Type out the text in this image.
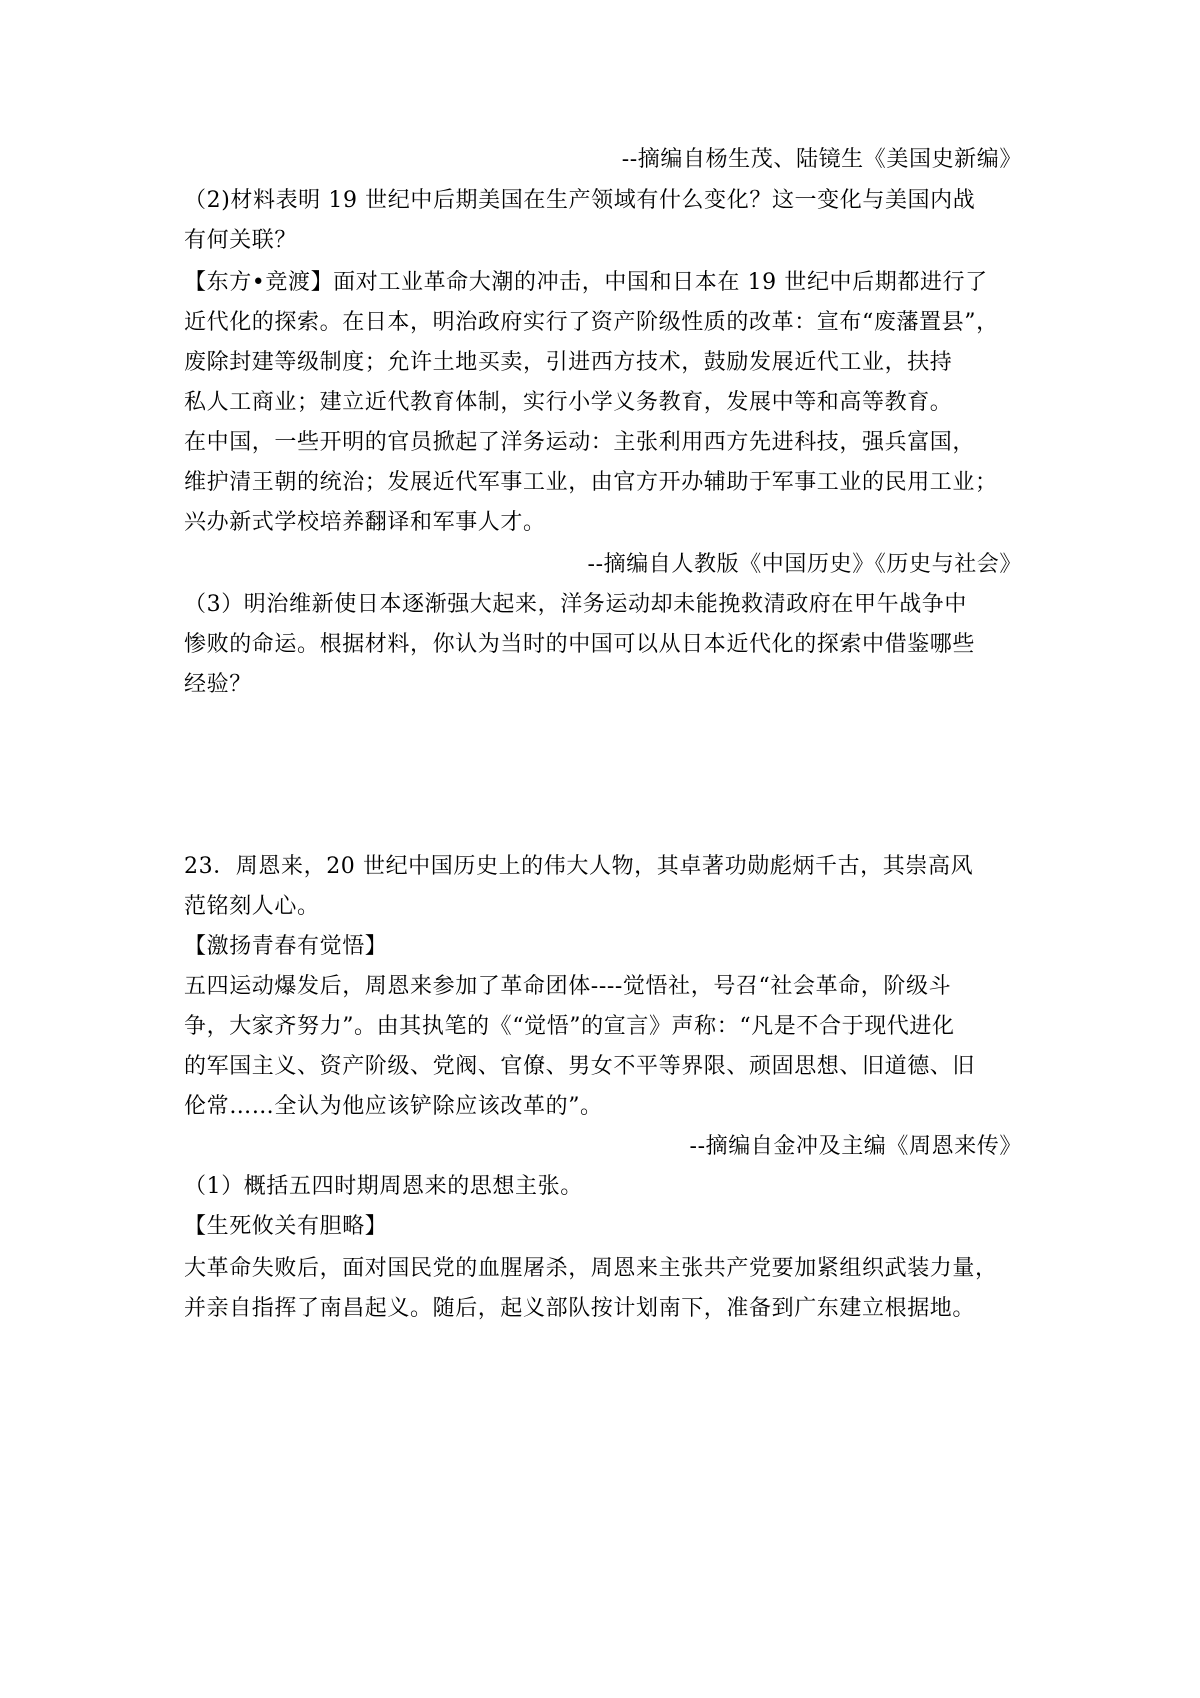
--摘编自杨生茂、陆镜生《美国史新编》
（2)材料表明 19 世纪中后期美国在生产领域有什么变化？这一变化与美国内战
有何关联？
【东方•竞渡】面对工业革命大潮的冲击，中国和日本在 19 世纪中后期都进行了
近代化的探索。在日本，明治政府实行了资产阶级性质的改革：宣布“废藩置县”，
废除封建等级制度；允许土地买卖，引进西方技术，鼓励发展近代工业，扶持
私人工商业；建立近代教育体制，实行小学义务教育，发展中等和高等教育。
在中国，一些开明的官员掀起了洋务运动：主张利用西方先进科技，强兵富国，
维护清王朝的统治；发展近代军事工业，由官方开办辅助于军事工业的民用工业；
兴办新式学校培养翻译和军事人才。
--摘编自人教版《中国历史》《历史与社会》
（3）明治维新使日本逐渐强大起来，洋务运动却未能挽救清政府在甲午战争中
惨败的命运。根据材料，你认为当时的中国可以从日本近代化的探索中借鉴哪些
经验？
23．周恩来，20 世纪中国历史上的伟大人物，其卓著功勋彪炳千古，其崇高风
范铭刻人心。
【激扬青春有觉悟】
五四运动爆发后，周恩来参加了革命团体----觉悟社，号召“社会革命，阶级斗
争，大家齐努力”。由其执笔的《“觉悟”的宣言》声称：“凡是不合于现代进化
的军国主义、资产阶级、党阀、官僚、男女不平等界限、顽固思想、旧道德、旧
伦常……全认为他应该铲除应该改革的”。
--摘编自金冲及主编《周恩来传》
（1）概括五四时期周恩来的思想主张。
【生死攸关有胆略】
大革命失败后，面对国民党的血腥屠杀，周恩来主张共产党要加紧组织武装力量，
并亲自指挥了南昌起义。随后，起义部队按计划南下，准备到广东建立根据地。
